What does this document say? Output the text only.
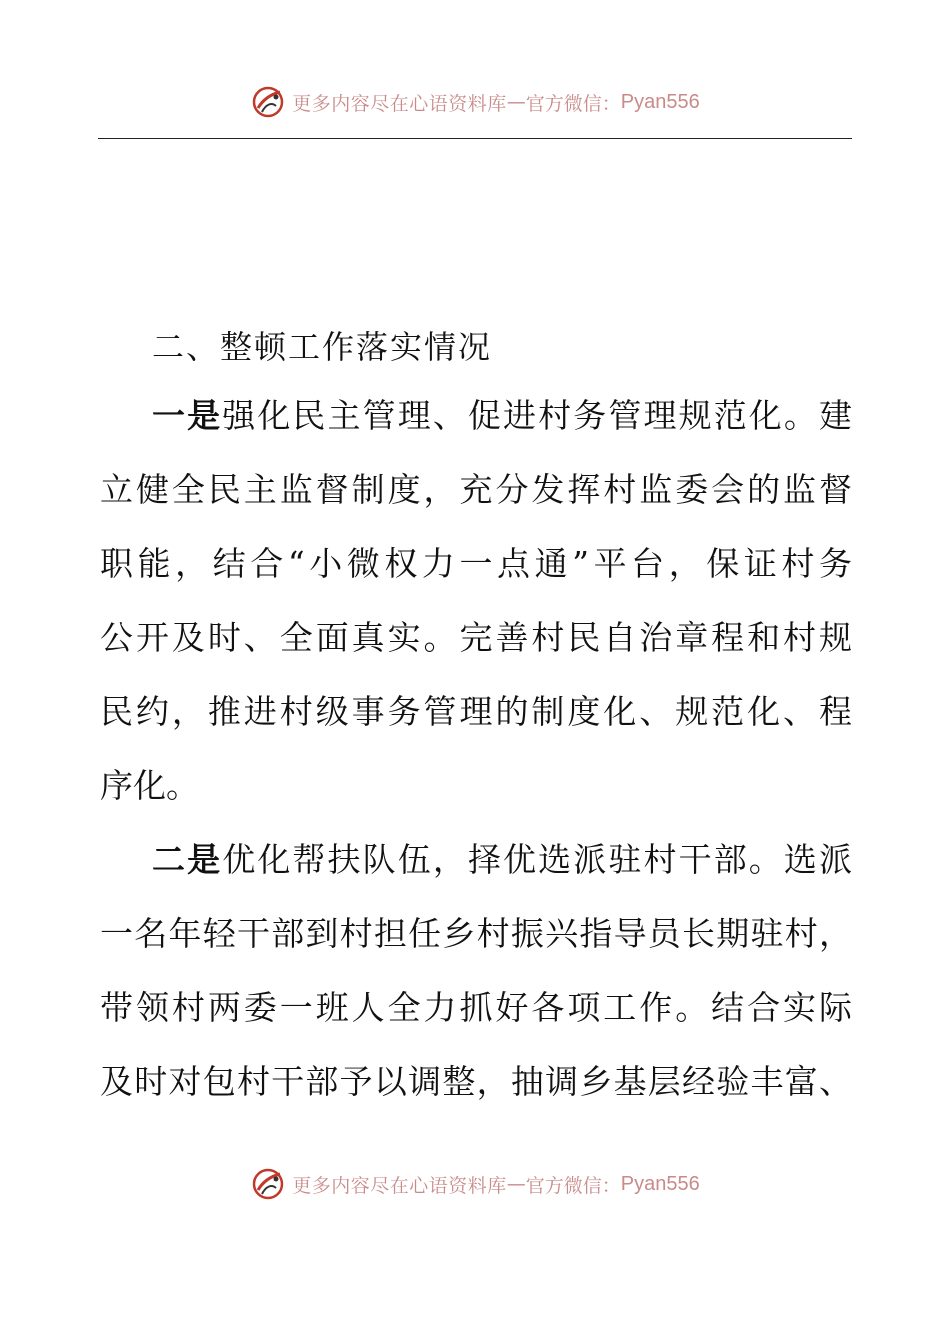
更多内容尽在心语资料库 — 官方微信： Pyan556
二、整顿工作落实情况
一是强化民主管理、促进村务管理规范化。建
立健全民主监督制度，充分发挥村监委会的监督
职能，结合“小微权力一点通”平台，保证村务
公开及时、全面真实。完善村民自治章程和村规
民约，推进村级事务管理的制度化、规范化、程
序化。
二是优化帮扶队伍，择优选派驻村干部。选派
一名年轻干部到村担任乡村振兴指导员长期驻村，
带领村两委一班人全力抓好各项工作。结合实际
及时对包村干部予以调整，抽调乡基层经验丰富、
更多内容尽在心语资料库 — 官方微信： Pyan556
